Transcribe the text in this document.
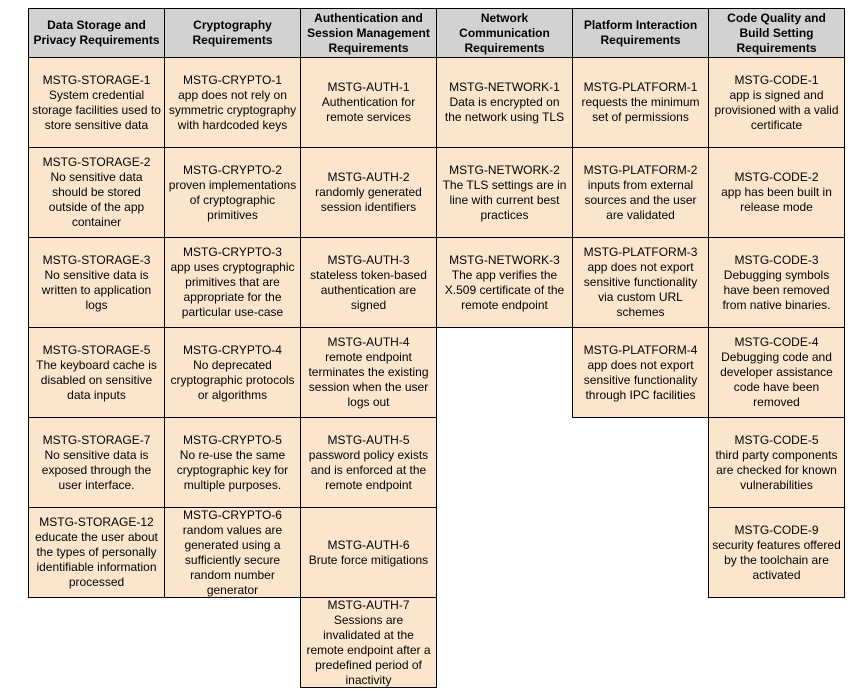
Data Storage and Privacy Requirements
MSTG-STORAGE-1
System credential storage facilities used to store sensitive data
MSTG-STORAGE-2
No sensitive data should be stored outside of the app container
MSTG-STORAGE-3
No sensitive data is written to application logs
MSTG-STORAGE-5
The keyboard cache is disabled on sensitive data inputs
MSTG-STORAGE-7
No sensitive data is exposed through the user interface.
MSTG-STORAGE-12
educate the user about the types of personally identifiable information processed
Cryptography Requirements
MSTG-CRYPTO-1
app does not rely on symmetric cryptography with hardcoded keys
MSTG-CRYPTO-2
proven implementations of cryptographic primitives
MSTG-CRYPTO-3
app uses cryptographic primitives that are appropriate for the particular use-case
MSTG-CRYPTO-4
No deprecated cryptographic protocols or algorithms
MSTG-CRYPTO-5
No re-use the same cryptographic key for multiple purposes.
MSTG-CRYPTO-6
random values are generated using a sufficiently secure random number generator
Authentication and Session Management Requirements
MSTG-AUTH-1
Authentication for remote services
MSTG-AUTH-2
randomly generated session identifiers
MSTG-AUTH-3
stateless token-based authentication are signed
MSTG-AUTH-4
remote endpoint terminates the existing session when the user logs out
MSTG-AUTH-5
password policy exists and is enforced at the remote endpoint
MSTG-AUTH-6
Brute force mitigations
MSTG-AUTH-7
Sessions are invalidated at the remote endpoint after a predefined period of inactivity
Network Communication Requirements
MSTG-NETWORK-1
Data is encrypted on the network using TLS
MSTG-NETWORK-2
The TLS settings are in line with current best practices
MSTG-NETWORK-3
The app verifies the X.509 certificate of the remote endpoint
Platform Interaction Requirements
MSTG-PLATFORM-1
requests the minimum set of permissions
MSTG-PLATFORM-2
inputs from external sources and the user are validated
MSTG-PLATFORM-3
app does not export sensitive functionality via custom URL schemes
MSTG-PLATFORM-4
app does not export sensitive functionality through IPC facilities
Code Quality and Build Setting Requirements
MSTG-CODE-1
app is signed and provisioned with a valid certificate
MSTG-CODE-2
app has been built in release mode
MSTG-CODE-3
Debugging symbols have been removed from native binaries.
MSTG-CODE-4
Debugging code and developer assistance code have been removed
MSTG-CODE-5
third party components are checked for known vulnerabilities
MSTG-CODE-9
security features offered by the toolchain are activated
